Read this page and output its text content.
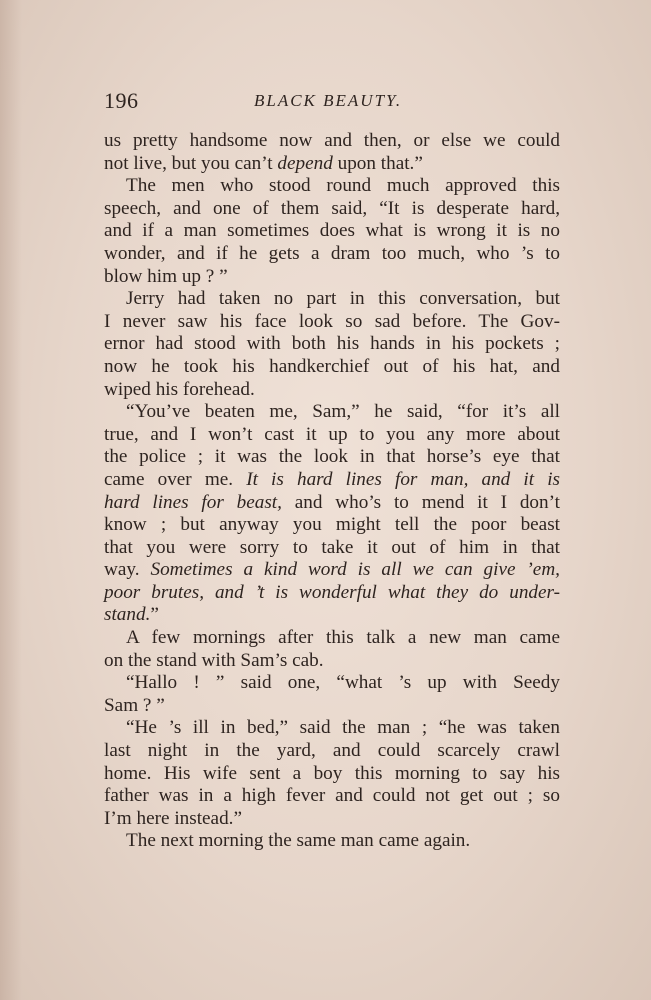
196	BLACK BEAUTY.

us pretty handsome now and then, or else we could
not live, but you can’t depend upon that.”

The men who stood round much approved this
speech, and one of them said, “It is desperate hard,
and if a man sometimes does what is wrong it is no
wonder, and if he gets a dram too much, who ’s to
blow him up ? ”

Jerry had taken no part in this conversation, but
I never saw his face look so sad before. The Gov-
ernor had stood with both his hands in his pockets ;
now he took his handkerchief out of his hat, and
wiped his forehead.

“You’ve beaten me, Sam,” he said, “for it’s all
true, and I won’t cast it up to you any more about
the police ; it was the look in that horse’s eye that
came over me. It is hard lines for man, and it is
hard lines for beast, and who’s to mend it I don’t
know ; but anyway you might tell the poor beast
that you were sorry to take it out of him in that
way. Sometimes a kind word is all we can give ’em,
poor brutes, and ’t is wonderful what they do under-
stand.”

A few mornings after this talk a new man came
on the stand with Sam’s cab.

“Hallo ! ” said one, “what ’s up with Seedy
Sam ? ”

“He ’s ill in bed,” said the man ; “he was taken
last night in the yard, and could scarcely crawl
home. His wife sent a boy this morning to say his
father was in a high fever and could not get out ; so
I’m here instead.”

The next morning the same man came again.
